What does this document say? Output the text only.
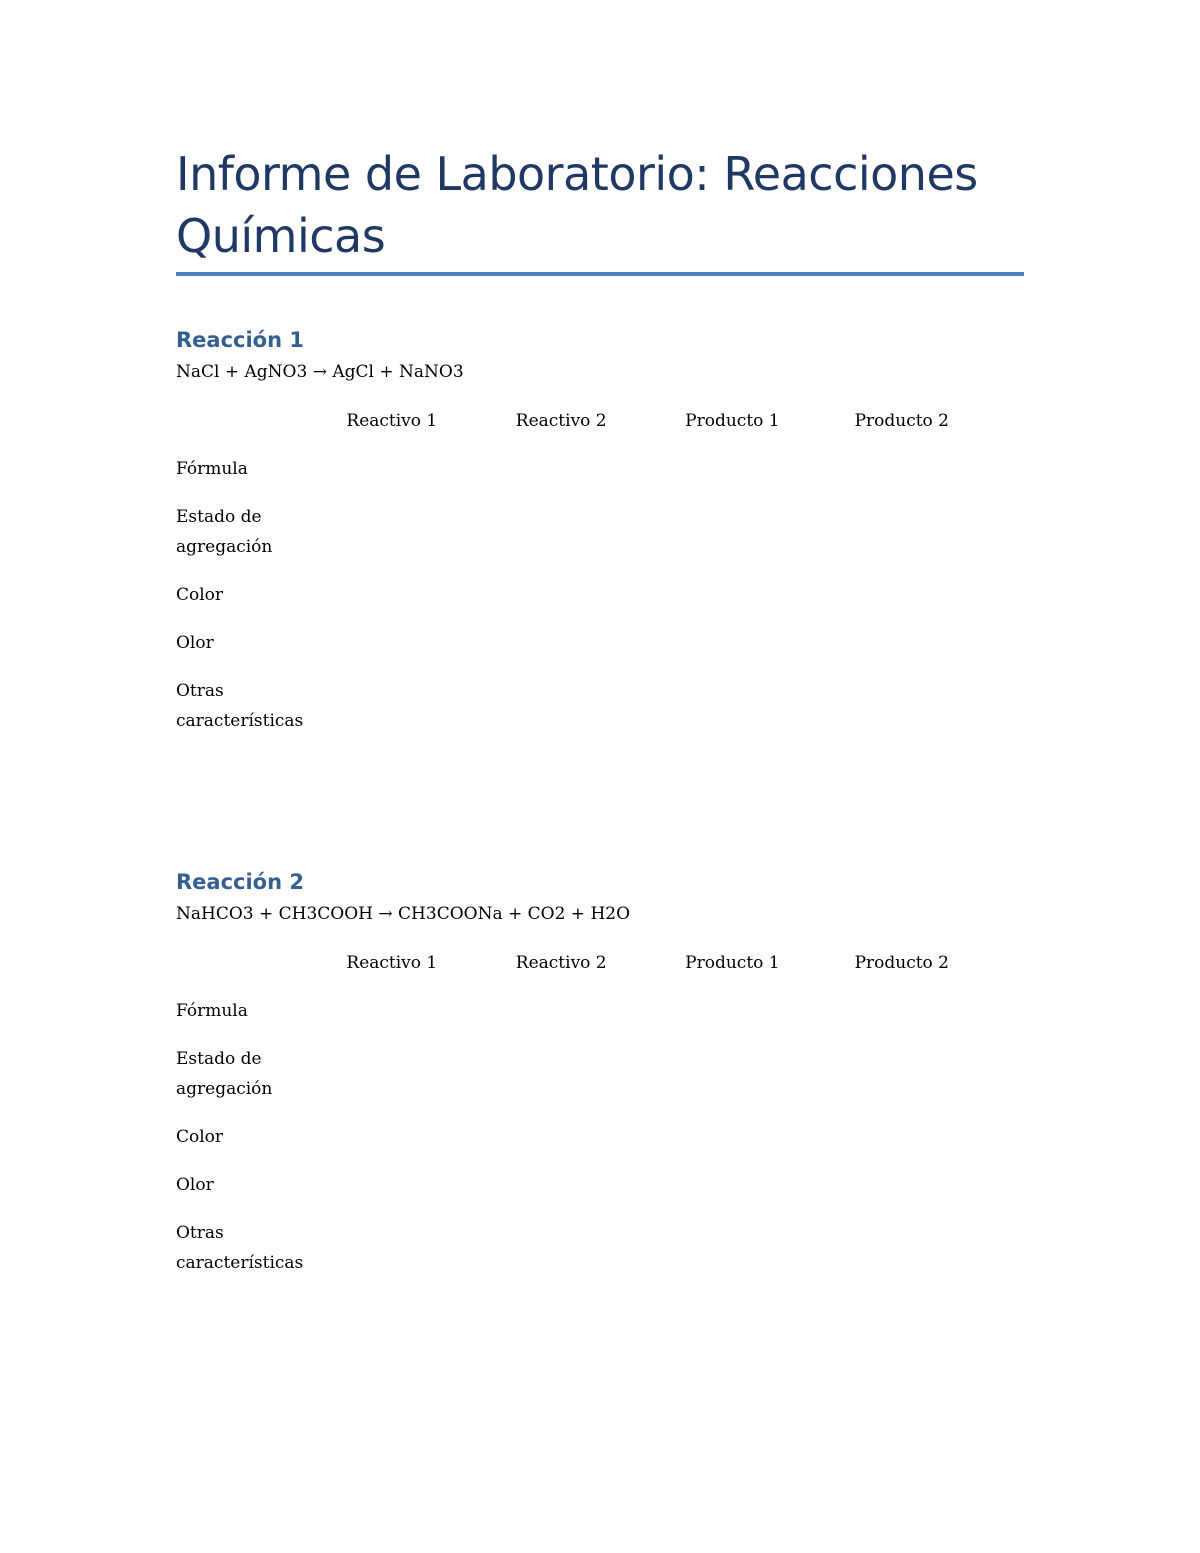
Informe de Laboratorio: Reacciones Químicas
Reacción 1
NaCl + AgNO3 → AgCl + NaNO3
	Reactivo 1	Reactivo 2	Producto 1	Producto 2
Fórmula				
Estado de agregación				
Color				
Olor				
Otras características				
Reacción 2
NaHCO3 + CH3COOH → CH3COONa + CO2 + H2O
	Reactivo 1	Reactivo 2	Producto 1	Producto 2
Fórmula				
Estado de agregación				
Color				
Olor				
Otras características				
